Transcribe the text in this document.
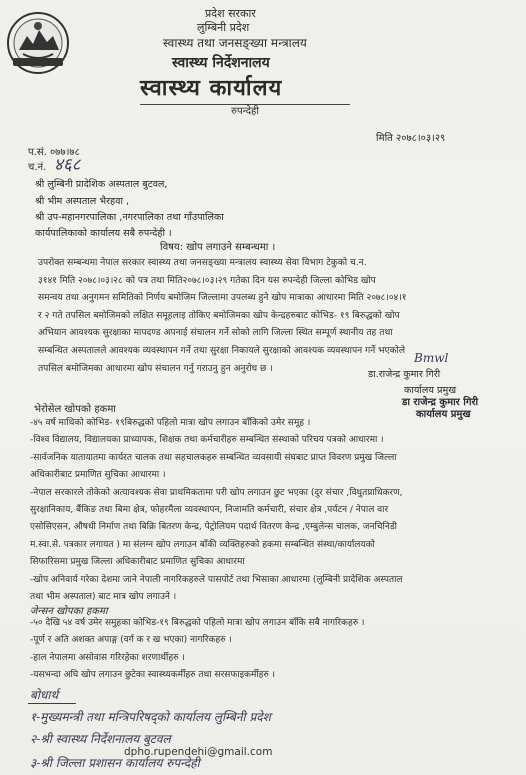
प्रदेश सरकार
लुम्बिनी प्रदेश
स्वास्थ्य तथा जनसङ्ख्या मन्त्रालय
स्वास्थ्य निर्देशनालय
स्वास्थ्य कार्यालय
रुपन्देही
मिति २०७८।०३।२९
प.सं. ०७७।७८
च.नं. ४६८
श्री लुम्बिनी प्रादेशिक अस्पताल बुटवल,
श्री भीम अस्पताल भैरहवा ,
श्री उप-महानगरपालिका ,नगरपालिका तथा गाँउपालिका
कार्यपालिकाको कार्यालय सबै रुपन्देही ।
विषय: खोप लगाउने सम्बन्धमा ।
उपरोक्त सम्बन्धमा नेपाल सरकार स्वास्थ्य तथा जनसङ्ख्या मन्त्रालय स्वास्थ्य सेवा विभाग टेकुको च.न.
३१४१ मिति २०७८।०३।२८ को पत्र तथा मिति२०७८।०३।२९ गतेका दिन यस रुपन्देही जिल्ला कोभिड खोप
समन्वय तथा अनुगमन समितिको निर्णय बमोजिम जिल्लामा उपलब्ध हुने खोप मात्राका आधारमा मिति २०७८।०४।१
र २ गते तपसिल बमोजिमको लक्षित समूहलाइ तोकिए बमोजिमका खोप केन्द्रहरुबाट कोभिड- १९ बिरुद्धको खोप
अभियान आवश्यक सुरक्षाका मापदण्ड अपनाई संचालन गर्ने सोको लागि जिल्ला स्थित सम्पूर्ण स्थानीय तह तथा
सम्बन्धित अस्पतालले आवश्यक व्यवस्थापन गर्ने तथा सुरक्षा निकायले सुरक्षाको आवश्यक व्यवस्थापन गर्ने भएकोले
तपसिल बमोजिमका आधारमा खोप संचालन गर्नु गराउनु हुन अनुरोध छ ।
Bmwl
डा.राजेन्द्र कुमार गिरी
कार्यालय प्रमुख
डा राजेन्द्र कुमार गिरी
कार्यालय प्रमुख
भेरोसेल खोपको हकमा
-४५ वर्ष माथिको कोभिड- १९बिरुद्धको पहिलो मात्रा खोप लगाउन बाँकिको उमेर समूह ।
-विश्व विद्यालय, विद्यालयका प्राध्यापक, शिक्षक तथा कर्मचारीहरु सम्बन्धित संस्थाको परिचय पत्रको आधारमा ।
-सार्वजनिक यातायातमा कार्यरत चालक तथा सहचालकहरु सम्बन्धित व्यवसायी संघबाट प्राप्त विवरण प्रमुख जिल्ला
अधिकारीबाट प्रमाणित सुचिका आधारमा ।
-नेपाल सरकारले तोकेको अत्यावश्यक सेवा प्राथमिकतामा परी खोप लगाउन छुट भएका (दुर संचार ,विधुतप्राधिकरण,
सुरक्षानिकाय, बैंकिङ तथा बिमा क्षेत्र, फोहरमैला व्यवस्थापन, निजामति कर्मचारी, संचार क्षेत्र ,पर्यटन / नेपाल वार
एसोसिएसन, औषधी निर्माण तथा बिक्रि बितरण केन्द्र, पेट्रोलियम पदार्थ वितरण केन्द्र ,एम्बुलेन्स चालक, जनचिनिडी
म.स्वा.से. पत्रकार लगायत ) मा संलग्न खोप लगाउन बाँकी व्यक्तिहरुको हकमा सम्बन्धित संस्था/कार्यालयको
सिफारिसमा प्रमुख जिल्ला अधिकारीबाट प्रमाणित सुचिका आधारमा
-खोप अनिवार्य गरेका देशमा जाने नेपाली नागरिकहरुले पासपोर्ट तथा भिसाका आधारमा (लुम्बिनी प्रादेशिक अस्पताल
तथा भीम अस्पताल) बाट मात्र खोप लगाउने ।
जेन्सन खोपका हकमा
-५० देखि ५४ वर्ष उमेर समुहका कोभिड-१९ बिरुद्धको पहिलो मात्रा खोप लगाउन बाँकि सबै नागरिकहरु ।
-पूर्ण र अति अशक्त अपाङ्ग (वर्ग क र ख भएका) नागरिकहरु ।
-हाल नेपालमा असोवास गरिरहेका शरणार्थीहरु ।
-यसभन्दा अघि खोप लगाउन छुटेका स्वास्थ्यकर्मीहरु तथा सरसफाइकर्मीहरु ।
बोधार्थ
१-मुख्यमन्त्री तथा मन्त्रिपरिषद्को कार्यालय लुम्बिनी प्रदेश
२-श्री स्वास्थ्य निर्देशनालय बुटवल
dpho.rupendehi@gmail.com
३-श्री जिल्ला प्रशासन कार्यालय रुपन्देही
